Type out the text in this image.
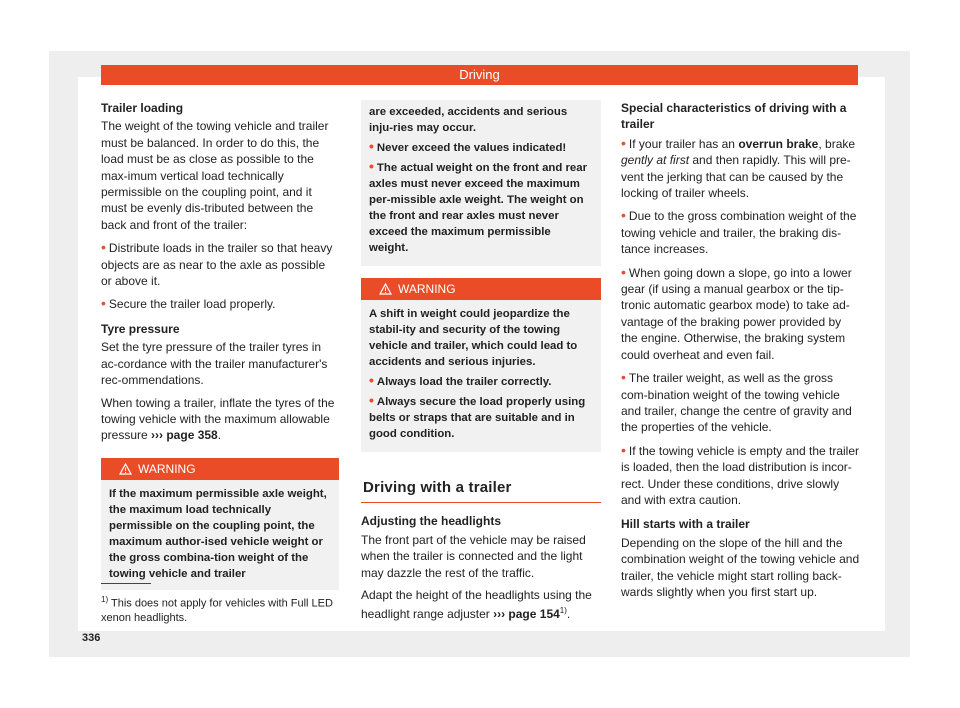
Driving
Trailer loading

The weight of the towing vehicle and trailer must be balanced. In order to do this, the load must be as close as possible to the max-imum vertical load technically permissible on the coupling point, and it must be evenly dis-tributed between the back and front of the trailer:

• Distribute loads in the trailer so that heavy objects are as near to the axle as possible or above it.
• Secure the trailer load properly.
Tyre pressure

Set the tyre pressure of the trailer tyres in ac-cordance with the trailer manufacturer's rec-ommendations.

When towing a trailer, inflate the tyres of the towing vehicle with the maximum allowable pressure ››› page 358.

WARNING
If the maximum permissible axle weight, the maximum load technically permissible on the coupling point, the maximum author-ised vehicle weight or the gross combina-tion weight of the towing vehicle and trailer
are exceeded, accidents and serious inju-ries may occur.
• Never exceed the values indicated!
• The actual weight on the front and rear axles must never exceed the maximum per-missible axle weight. The weight on the front and rear axles must never exceed the maximum permissible weight.
WARNING
A shift in weight could jeopardize the stabil-ity and security of the towing vehicle and trailer, which could lead to accidents and serious injuries.
• Always load the trailer correctly.
• Always secure the load properly using belts or straps that are suitable and in good condition.
Driving with a trailer
Adjusting the headlights

The front part of the vehicle may be raised when the trailer is connected and the light may dazzle the rest of the traffic.

Adapt the height of the headlights using the headlight range adjuster ››› page 154$^{1)}$.

Special characteristics of driving with a trailer
• If your trailer has an overrun brake, brake gently at first and then rapidly. This will pre-vent the jerking that can be caused by the locking of trailer wheels.
• Due to the gross combination weight of the towing vehicle and trailer, the braking dis-tance increases.
• When going down a slope, go into a lower gear (if using a manual gearbox or the tip-tronic automatic gearbox mode) to take ad-vantage of the braking power provided by the engine. Otherwise, the braking system could overheat and even fail.
• The trailer weight, as well as the gross com-bination weight of the towing vehicle and trailer, change the centre of gravity and the properties of the vehicle.
• If the towing vehicle is empty and the trailer is loaded, then the load distribution is incor-rect. Under these conditions, drive slowly and with extra caution.
Hill starts with a trailer

Depending on the slope of the hill and the combination weight of the towing vehicle and trailer, the vehicle might start rolling back-wards slightly when you first start up.

$^{1)}$ This does not apply for vehicles with Full LED xenon headlights.
336
